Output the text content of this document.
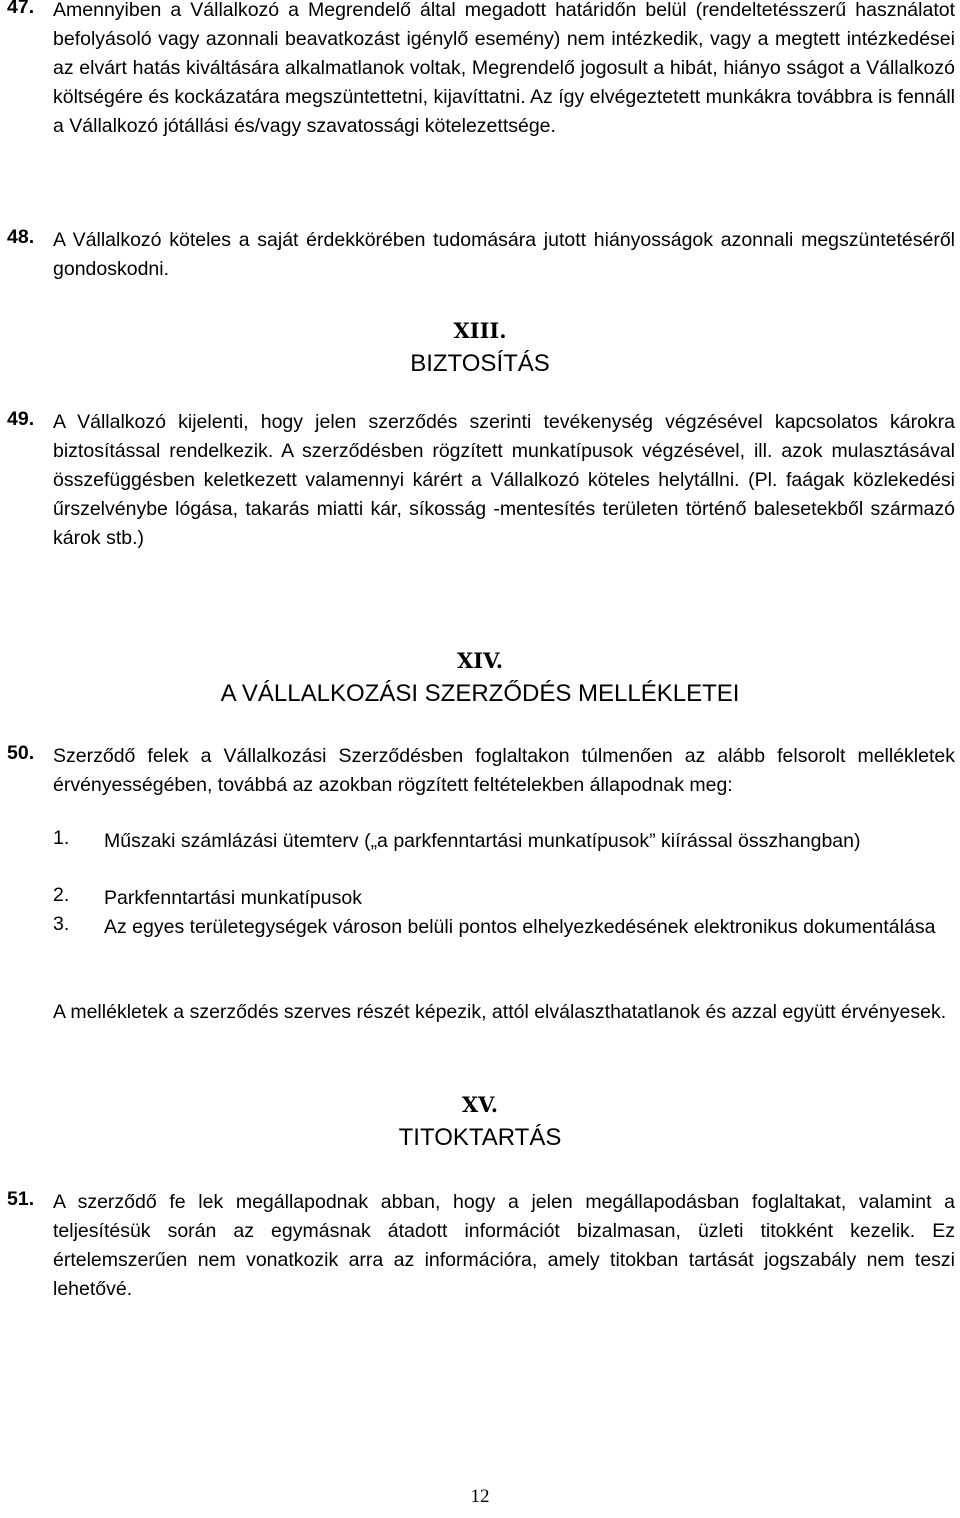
47. Amennyiben a Vállalkozó a Megrendelő által megadott határidőn belül (rendeltetésszerű használatot befolyásoló vagy azonnali beavatkozást igénylő esemény) nem intézkedik, vagy a megtett intézkedései az elvárt hatás kiváltására alkalmatlanok voltak, Megrendelő jogosult a hibát, hiányo sságot a Vállalkozó költségére és kockázatára megszüntettetni, kijavíttatni. Az így elvégeztetett munkákra továbbra is fennáll a Vállalkozó jótállási és/vagy szavatossági kötelezettsége.
48. A Vállalkozó köteles a saját érdekkörében tudomására jutott hiányosságok azonnali megszüntetéséről gondoskodni.
XIII.
BIZTOSÍTÁS
49. A Vállalkozó kijelenti, hogy jelen szerződés szerinti tevékenység végzésével kapcsolatos károkra biztosítással rendelkezik. A szerződésben rögzített munkatípusok végzésével, ill. azok mulasztásával összefüggésben keletkezett valamennyi kárért a Vállalkozó köteles helytállni. (Pl. faágak közlekedési űrszelvénybe lógása, takarás miatti kár, síkosság -mentesítés területen történő balesetekből származó károk stb.)
XIV.
A VÁLLALKOZÁSI SZERZŐDÉS MELLÉKLETEI
50. Szerződő felek a Vállalkozási Szerződésben foglaltakon túlmenően az alább felsorolt mellékletek érvényességében, továbbá az azokban rögzített feltételekben állapodnak meg:
1. Műszaki számlázási ütemterv („a parkfenntartási munkatípusok” kiírással összhangban)
2. Parkfenntartási munkatípusok
3. Az egyes területegységek városon belüli pontos elhelyezkedésének elektronikus dokumentálása
A mellékletek a szerződés szerves részét képezik, attól elválaszthatatlanok és azzal együtt érvényesek.
XV.
TITOKTARTÁS
51. A szerződő fe lek megállapodnak abban, hogy a jelen megállapodásban foglaltakat, valamint a teljesítésük során az egymásnak átadott információt bizalmasan, üzleti titokként kezelik. Ez értelemszerűen nem vonatkozik arra az információra, amely titokban tartását jogszabály nem teszi lehetővé.
12
